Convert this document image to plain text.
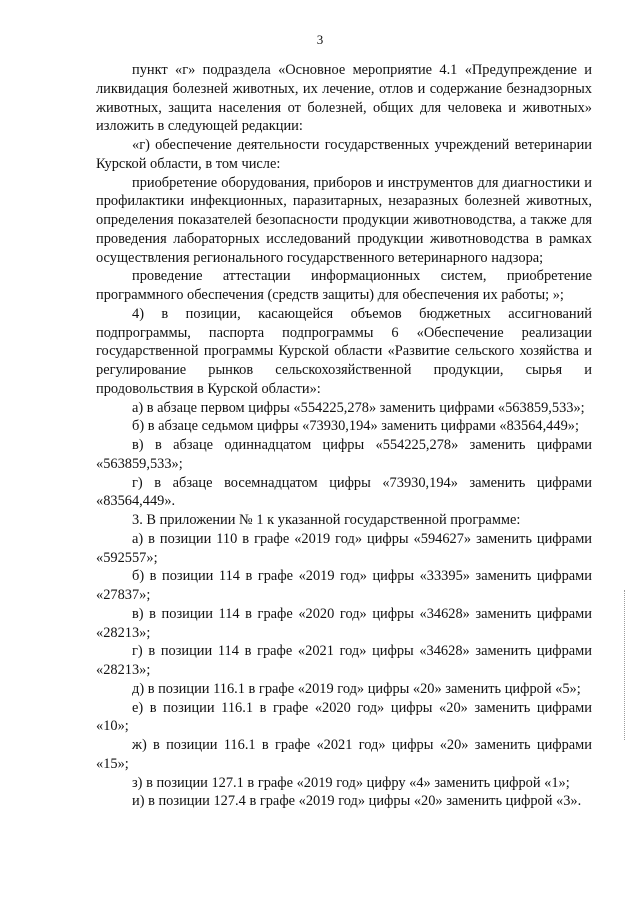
3

пункт «г» подраздела «Основное мероприятие 4.1 «Предупреждение и ликвидация болезней животных, их лечение, отлов и содержание безнадзорных животных, защита населения от болезней, общих для человека и животных» изложить в следующей редакции:

«г) обеспечение деятельности государственных учреждений ветеринарии Курской области, в том числе:

приобретение оборудования, приборов и инструментов для диагностики и профилактики инфекционных, паразитарных, незаразных болезней животных, определения показателей безопасности продукции животноводства, а также для проведения лабораторных исследований продукции животноводства в рамках осуществления регионального государственного ветеринарного надзора;

проведение аттестации информационных систем, приобретение программного обеспечения (средств защиты) для обеспечения их работы; »;

4) в позиции, касающейся объемов бюджетных ассигнований подпрограммы, паспорта подпрограммы 6 «Обеспечение реализации государственной программы Курской области «Развитие сельского хозяйства и регулирование рынков сельскохозяйственной продукции, сырья и продовольствия в Курской области»:

а) в абзаце первом цифры «554225,278» заменить цифрами «563859,533»;

б) в абзаце седьмом цифры «73930,194» заменить цифрами «83564,449»;

в) в абзаце одиннадцатом цифры «554225,278» заменить цифрами «563859,533»;

г) в абзаце восемнадцатом цифры «73930,194» заменить цифрами «83564,449».

3. В приложении № 1 к указанной государственной программе:

а) в позиции 110 в графе «2019 год» цифры «594627» заменить цифрами «592557»;

б) в позиции 114 в графе «2019 год» цифры «33395» заменить цифрами «27837»;

в) в позиции 114 в графе «2020 год» цифры «34628» заменить цифрами «28213»;

г) в позиции 114 в графе «2021 год» цифры «34628» заменить цифрами «28213»;

д) в позиции 116.1 в графе «2019 год» цифры «20» заменить цифрой «5»;

е) в позиции 116.1 в графе «2020 год» цифры «20» заменить цифрами «10»;

ж) в позиции 116.1 в графе «2021 год» цифры «20» заменить цифрами «15»;

з) в позиции 127.1 в графе «2019 год» цифру «4» заменить цифрой «1»;

и) в позиции 127.4 в графе «2019 год» цифры «20» заменить цифрой «3».
